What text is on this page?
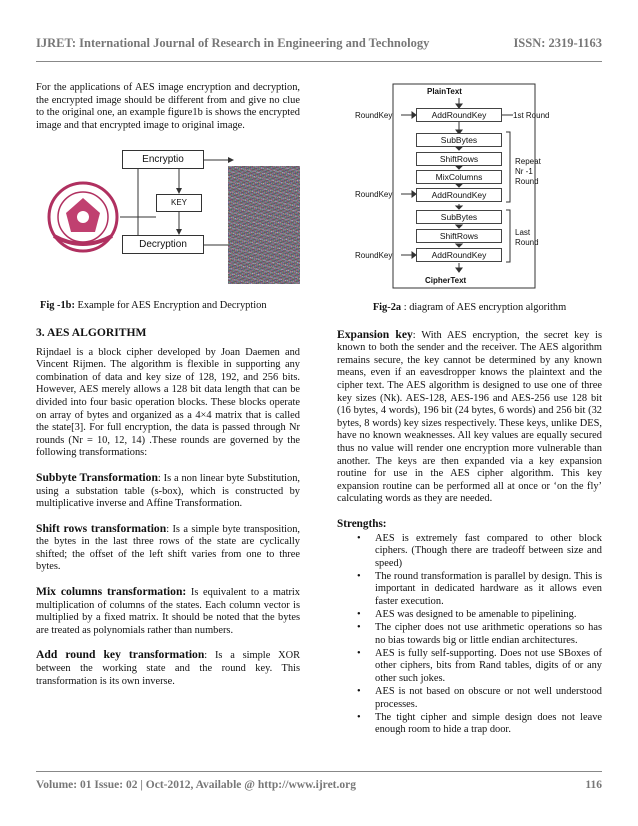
IJRET: International Journal of Research in Engineering and Technology	ISSN: 2319-1163

For the applications of AES image encryption and decryption, the encrypted image should be different from and give no clue to the original one, an example figure1b is shows the encrypted image and that encrypted image to original image.

Encryptio
KEY
Decryption

Fig -1b: Example for AES Encryption and Decryption

3. AES ALGORITHM

Rijndael is a block cipher developed by Joan Daemen and Vincent Rijmen. The algorithm is flexible in supporting any combination of data and key size of 128, 192, and 256 bits. However, AES merely allows a 128 bit data length that can be divided into four basic operation blocks. These blocks operate on array of bytes and organized as a 4×4 matrix that is called the state[3]. For full encryption, the data is passed through Nr rounds (Nr = 10, 12, 14) .These rounds are governed by the following transformations:

Subbyte Transformation: Is a non linear byte Substitution, using a substation table (s-box), which is constructed by multiplicative inverse and Affine Transformation.

Shift rows transformation: Is a simple byte transposition, the bytes in the last three rows of the state are cyclically shifted; the offset of the left shift varies from one to three bytes.

Mix columns transformation: Is equivalent to a matrix multiplication of columns of the states. Each column vector is multiplied by a fixed matrix. It should be noted that the bytes are treated as polynomials rather than numbers.

Add round key transformation: Is a simple XOR between the working state and the round key. This transformation is its own inverse.

PlainText
RoundKey	AddRoundKey	1st Round
SubBytes
ShiftRows
MixColumns
RoundKey	AddRoundKey
Repeat
Nr -1
Round
SubBytes
ShiftRows
RoundKey	AddRoundKey
Last
Round
CipherText

Fig-2a : diagram of AES encryption algorithm

Expansion key: With AES encryption, the secret key is known to both the sender and the receiver. The AES algorithm remains secure, the key cannot be determined by any known means, even if an eavesdropper knows the plaintext and the cipher text. The AES algorithm is designed to use one of three key sizes (Nk). AES-128, AES-196 and AES-256 use 128 bit (16 bytes, 4 words), 196 bit (24 bytes, 6 words) and 256 bit (32 bytes, 8 words) key sizes respectively. These keys, unlike DES, have no known weaknesses. All key values are equally secured thus no value will render one encryption more vulnerable than another. The keys are then expanded via a key expansion routine for use in the AES cipher algorithm. This key expansion routine can be performed all at once or ‘on the fly’ calculating words as they are needed.

Strengths:
• AES is extremely fast compared to other block ciphers. (Though there are tradeoff between size and speed)
• The round transformation is parallel by design. This is important in dedicated hardware as it allows even faster execution.
• AES was designed to be amenable to pipelining.
• The cipher does not use arithmetic operations so has no bias towards big or little endian architectures.
• AES is fully self-supporting. Does not use SBoxes of other ciphers, bits from Rand tables, digits of or any other such jokes.
• AES is not based on obscure or not well understood processes.
• The tight cipher and simple design does not leave enough room to hide a trap door.
Volume: 01 Issue: 02 | Oct-2012, Available @ http://www.ijret.org	116
